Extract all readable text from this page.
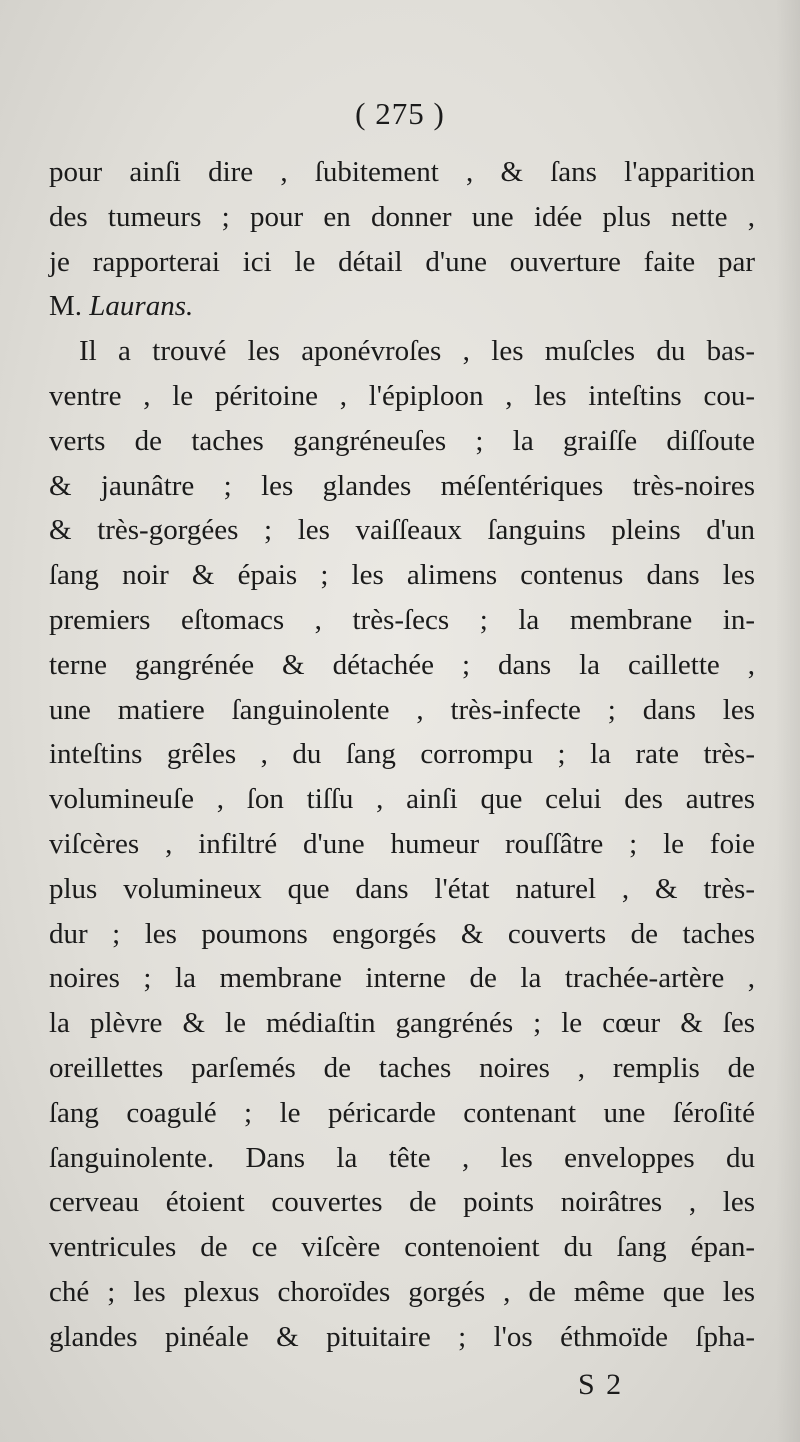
( 275 )
pour ainſi dire , ſubitement , & ſans l'apparition
des tumeurs ; pour en donner une idée plus nette ,
je rapporterai ici le détail d'une ouverture faite par
M. Laurans.
Il a trouvé les aponévroſes , les muſcles du bas-
ventre , le péritoine , l'épiploon , les inteſtins cou-
verts de taches gangréneuſes ; la graiſſe diſſoute
& jaunâtre ; les glandes méſentériques très-noires
& très-gorgées ; les vaiſſeaux ſanguins pleins d'un
ſang noir & épais ; les alimens contenus dans les
premiers eſtomacs , très-ſecs ; la membrane in-
terne gangrénée & détachée ; dans la caillette ,
une matiere ſanguinolente , très-infecte ; dans les
inteſtins grêles , du ſang corrompu ; la rate très-
volumineuſe , ſon tiſſu , ainſi que celui des autres
viſcères , infiltré d'une humeur rouſſâtre ; le foie
plus volumineux que dans l'état naturel , & très-
dur ; les poumons engorgés & couverts de taches
noires ; la membrane interne de la trachée-artère ,
la plèvre & le médiaſtin gangrénés ; le cœur & ſes
oreillettes parſemés de taches noires , remplis de
ſang coagulé ; le péricarde contenant une ſéroſité
ſanguinolente. Dans la tête , les enveloppes du
cerveau étoient couvertes de points noirâtres , les
ventricules de ce viſcère contenoient du ſang épan-
ché ; les plexus choroïdes gorgés , de même que les
glandes pinéale & pituitaire ; l'os éthmoïde ſpha-
S 2
